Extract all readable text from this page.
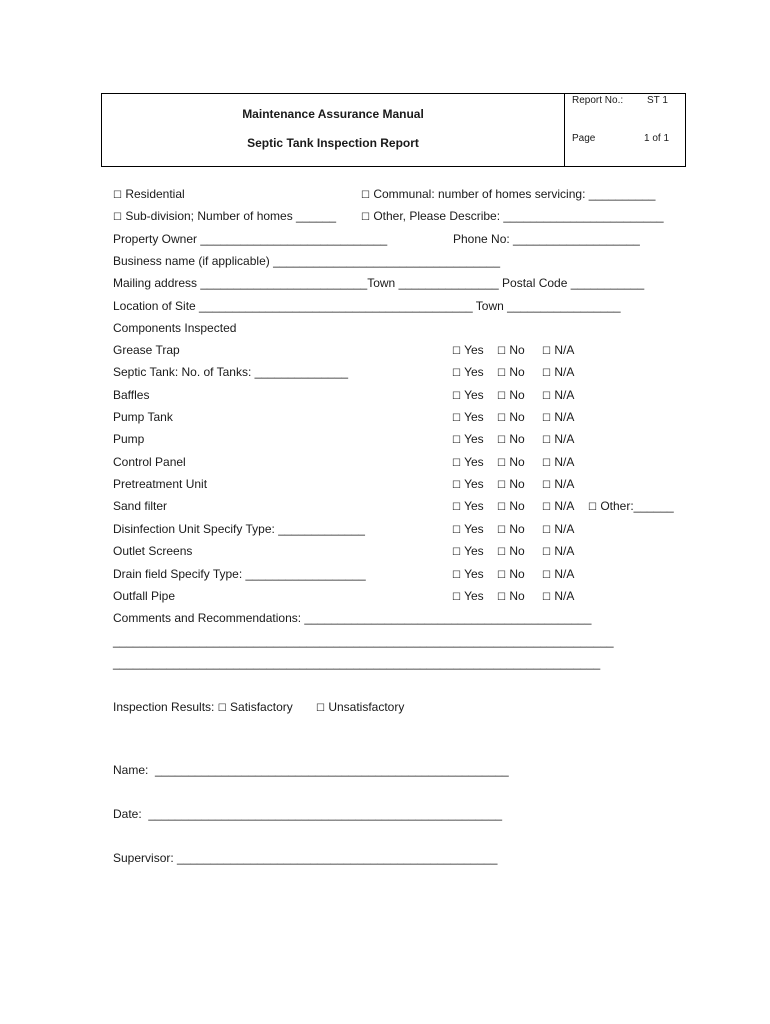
Maintenance Assurance Manual
Septic Tank Inspection Report
Report No.: ST 1
Page	1 of 1
☐ Residential	☐ Communal: number of homes servicing: __________
☐ Sub-division; Number of homes ______ ☐ Other, Please Describe: ________________________
Property Owner ____________________________	Phone No: ___________________
Business name (if applicable) __________________________________
Mailing address _________________________Town _______________ Postal Code ___________
Location of Site _________________________________________ Town _________________
Components Inspected
Grease Trap	☐ Yes ☐ No ☐ N/A
Septic Tank: No. of Tanks: ______________	☐ Yes ☐ No ☐ N/A
Baffles	☐ Yes ☐ No ☐ N/A
Pump Tank	☐ Yes ☐ No ☐ N/A
Pump	☐ Yes ☐ No ☐ N/A
Control Panel	☐ Yes ☐ No ☐ N/A
Pretreatment Unit	☐ Yes ☐ No ☐ N/A
Sand filter	☐ Yes ☐ No ☐ N/A ☐ Other:______
Disinfection Unit Specify Type: _____________	☐ Yes ☐ No ☐ N/A
Outlet Screens	☐ Yes ☐ No ☐ N/A
Drain field Specify Type: __________________	☐ Yes ☐ No ☐ N/A
Outfall Pipe	☐ Yes ☐ No ☐ N/A
Comments and Recommendations: ___________________________________________
___________________________________________________________________________
_________________________________________________________________________
Inspection Results: ☐ Satisfactory ☐ Unsatisfactory
Name:  _____________________________________________________
Date:  _____________________________________________________
Supervisor: ________________________________________________
